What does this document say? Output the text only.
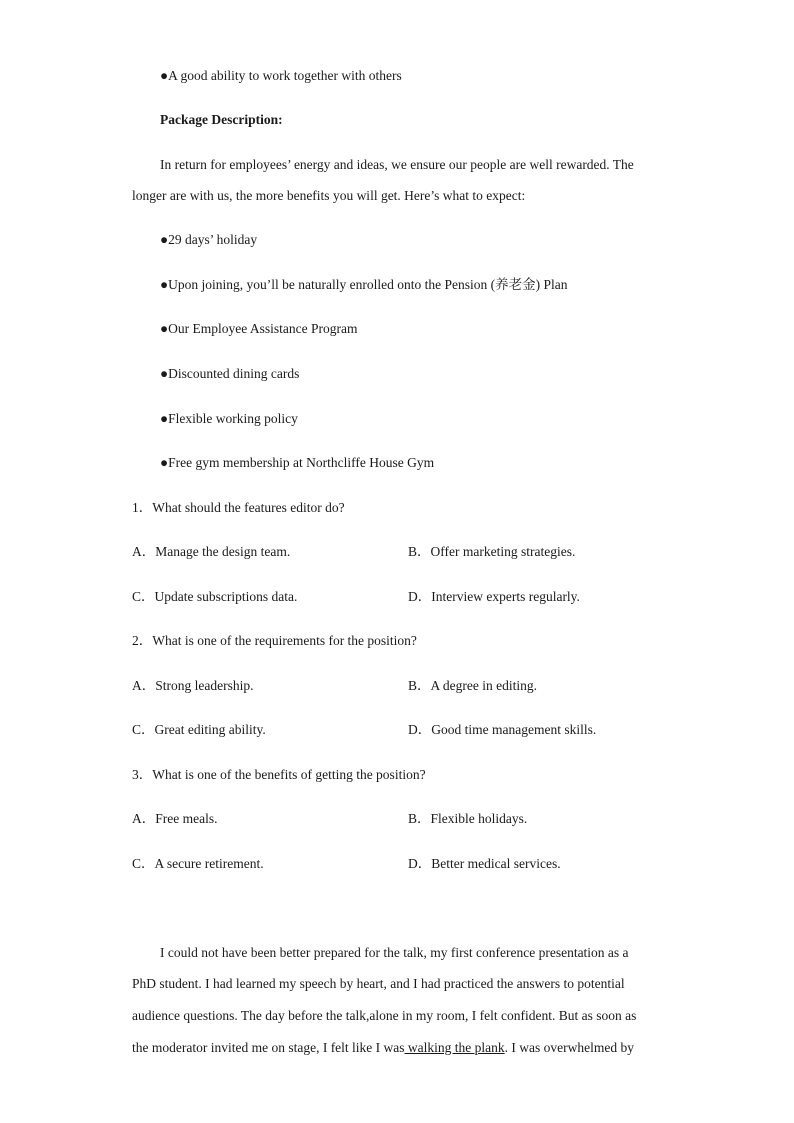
●A good ability to work together with others
Package Description:
In return for employees’ energy and ideas, we ensure our people are well rewarded. The
longer are with us, the more benefits you will get. Here’s what to expect:
●29 days’ holiday
●Upon joining, you’ll be naturally enrolled onto the Pension (养老金) Plan
●Our Employee Assistance Program
●Discounted dining cards
●Flexible working policy
●Free gym membership at Northcliffe House Gym
1．What should the features editor do?
A．Manage the design team.	B．Offer marketing strategies.
C．Update subscriptions data.	D．Interview experts regularly.
2．What is one of the requirements for the position?
A．Strong leadership.	B．A degree in editing.
C．Great editing ability.	D．Good time management skills.
3．What is one of the benefits of getting the position?
A．Free meals.	B．Flexible holidays.
C．A secure retirement.	D．Better medical services.
I could not have been better prepared for the talk, my first conference presentation as a
PhD student. I had learned my speech by heart, and I had practiced the answers to potential
audience questions. The day before the talk,alone in my room, I felt confident. But as soon as
the moderator invited me on stage, I felt like I was walking the plank. I was overwhelmed by
